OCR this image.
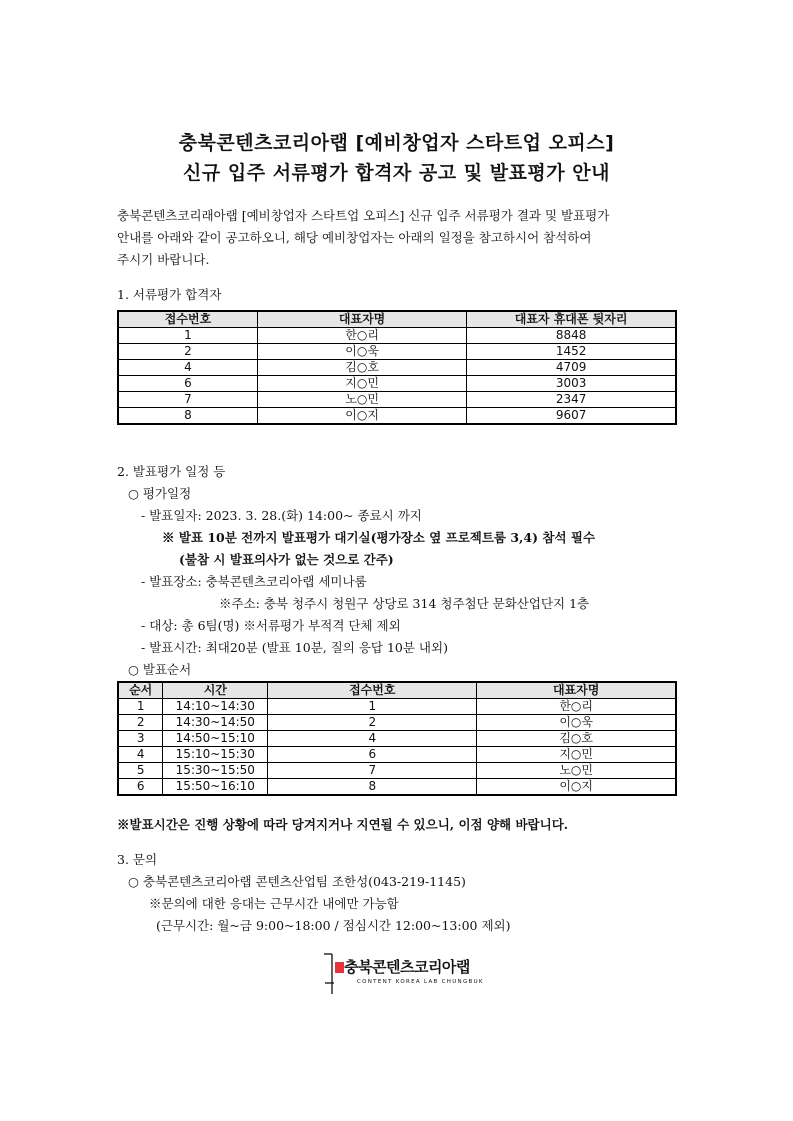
충북콘텐츠코리아랩 [예비창업자 스타트업 오피스]
신규 입주 서류평가 합격자 공고 및 발표평가 안내
충북콘텐츠코리래아랩 [예비창업자 스타트업 오피스] 신규 입주 서류평가 결과 및 발표평가
안내를 아래와 같이 공고하오니, 해당 예비창업자는 아래의 일정을 참고하시어 참석하여
주시기 바랍니다.
1. 서류평가 합격자
접수번호	대표자명	대표자 휴대폰 뒷자리
1	한○리	8848
2	이○욱	1452
4	김○호	4709
6	지○민	3003
7	노○민	2347
8	이○지	9607
2. 발표평가 일정 등
○ 평가일정
- 발표일자: 2023. 3. 28.(화) 14:00~ 종료시 까지
※ 발표 10분 전까지 발표평가 대기실(평가장소 옆 프로젝트룸 3,4) 참석 필수
(불참 시 발표의사가 없는 것으로 간주)
- 발표장소: 충북콘텐츠코리아랩 세미나룸
※주소: 충북 청주시 청원구 상당로 314 청주첨단 문화산업단지 1층
- 대상: 총 6팀(명) ※서류평가 부적격 단체 제외
- 발표시간: 최대20분 (발표 10분, 질의 응답 10분 내외)
○ 발표순서
순서	시간	접수번호	대표자명
1	14:10~14:30	1	한○리
2	14:30~14:50	2	이○욱
3	14:50~15:10	4	김○호
4	15:10~15:30	6	지○민
5	15:30~15:50	7	노○민
6	15:50~16:10	8	이○지
※발표시간은 진행 상황에 따라 당겨지거나 지연될 수 있으니, 이점 양해 바랍니다.
3. 문의
○ 충북콘텐츠코리아랩 콘텐츠산업팀 조한성(043-219-1145)
※문의에 대한 응대는 근무시간 내에만 가능함
(근무시간: 월~금 9:00~18:00 / 점심시간 12:00~13:00 제외)
충북콘텐츠코리아랩
CONTENT KOREA LAB CHUNGBUK
